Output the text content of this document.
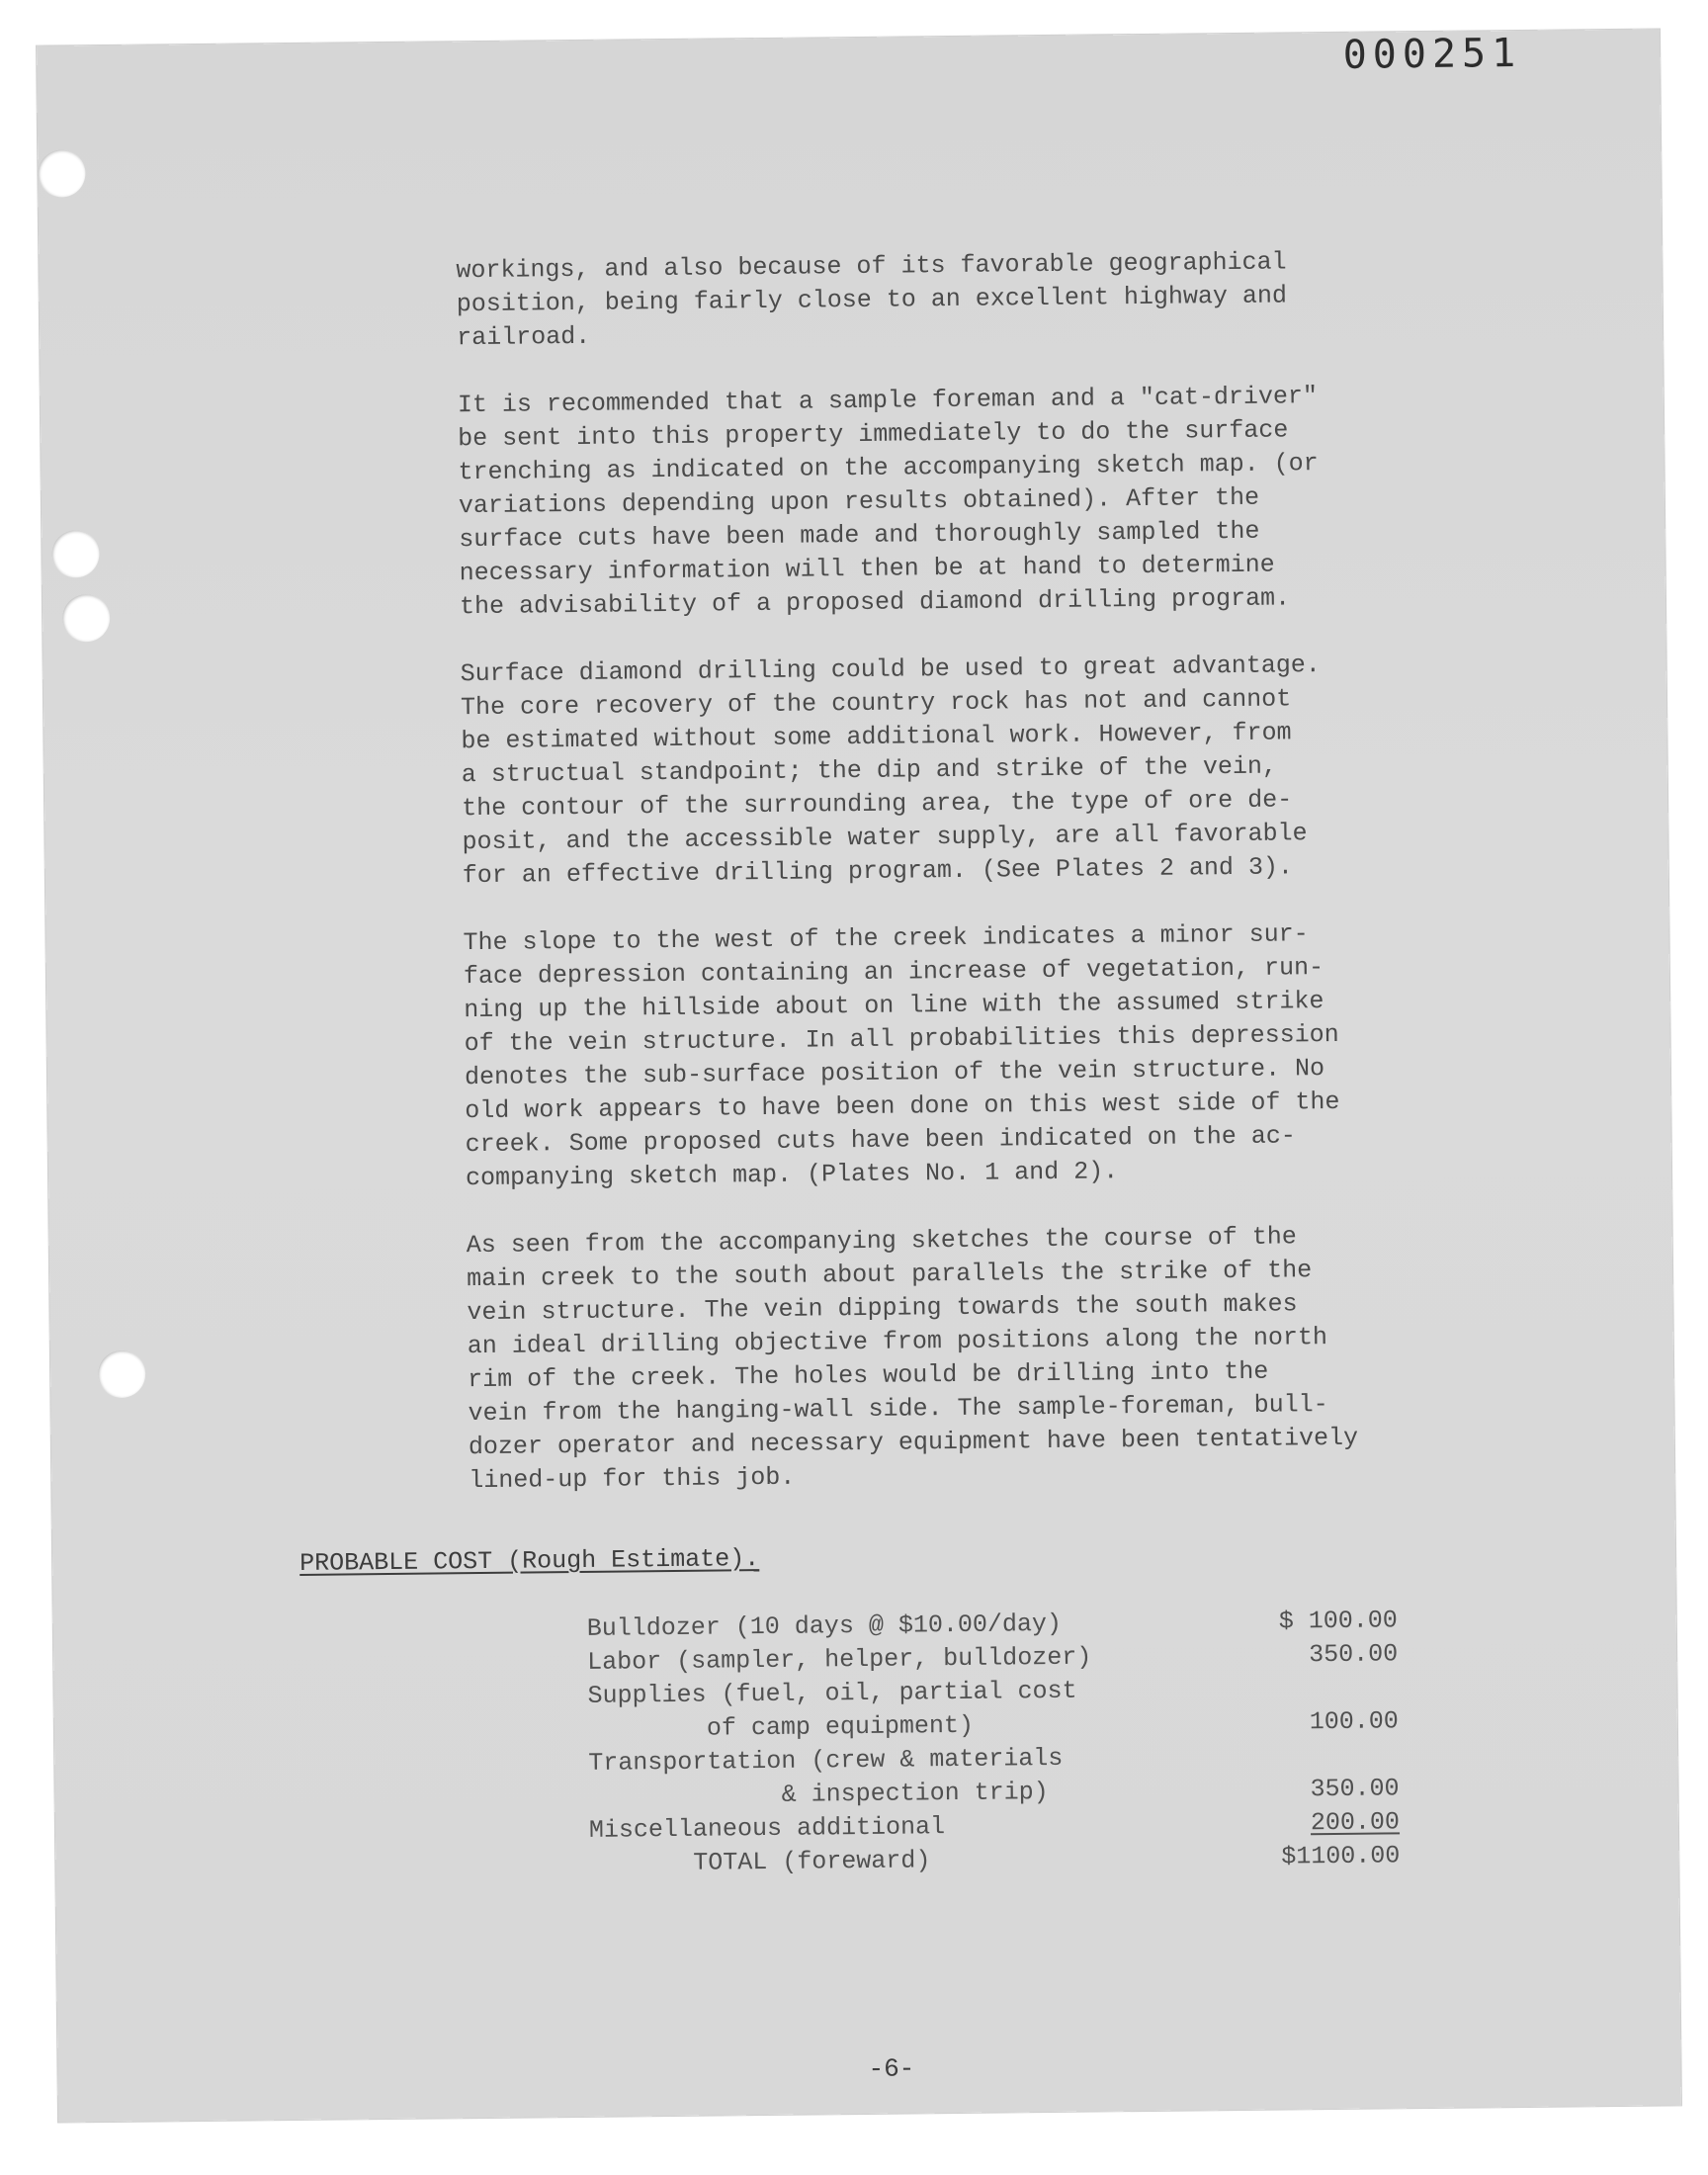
000251

workings, and also because of its favorable geographical
position, being fairly close to an excellent highway and
railroad.

It is recommended that a sample foreman and a "cat-driver"
be sent into this property immediately to do the surface
trenching as indicated on the accompanying sketch map. (or
variations depending upon results obtained). After the
surface cuts have been made and thoroughly sampled the
necessary information will then be at hand to determine
the advisability of a proposed diamond drilling program.

Surface diamond drilling could be used to great advantage.
The core recovery of the country rock has not and cannot
be estimated without some additional work. However, from
a structual standpoint; the dip and strike of the vein,
the contour of the surrounding area, the type of ore de-
posit, and the accessible water supply, are all favorable
for an effective drilling program. (See Plates 2 and 3).

The slope to the west of the creek indicates a minor sur-
face depression containing an increase of vegetation, run-
ning up the hillside about on line with the assumed strike
of the vein structure. In all probabilities this depression
denotes the sub-surface position of the vein structure. No
old work appears to have been done on this west side of the
creek. Some proposed cuts have been indicated on the ac-
companying sketch map. (Plates No. 1 and 2).

As seen from the accompanying sketches the course of the
main creek to the south about parallels the strike of the
vein structure. The vein dipping towards the south makes
an ideal drilling objective from positions along the north
rim of the creek. The holes would be drilling into the
vein from the hanging-wall side. The sample-foreman, bull-
dozer operator and necessary equipment have been tentatively
lined-up for this job.

PROBABLE COST (Rough Estimate).
Bulldozer (10 days @ $10.00/day)	$ 100.00
Labor (sampler, helper, bulldozer)	350.00
Supplies (fuel, oil, partial cost
of camp equipment)	100.00
Transportation (crew & materials
& inspection trip)	350.00
Miscellaneous additional	200.00
TOTAL (foreward)	$1100.00
-6-
